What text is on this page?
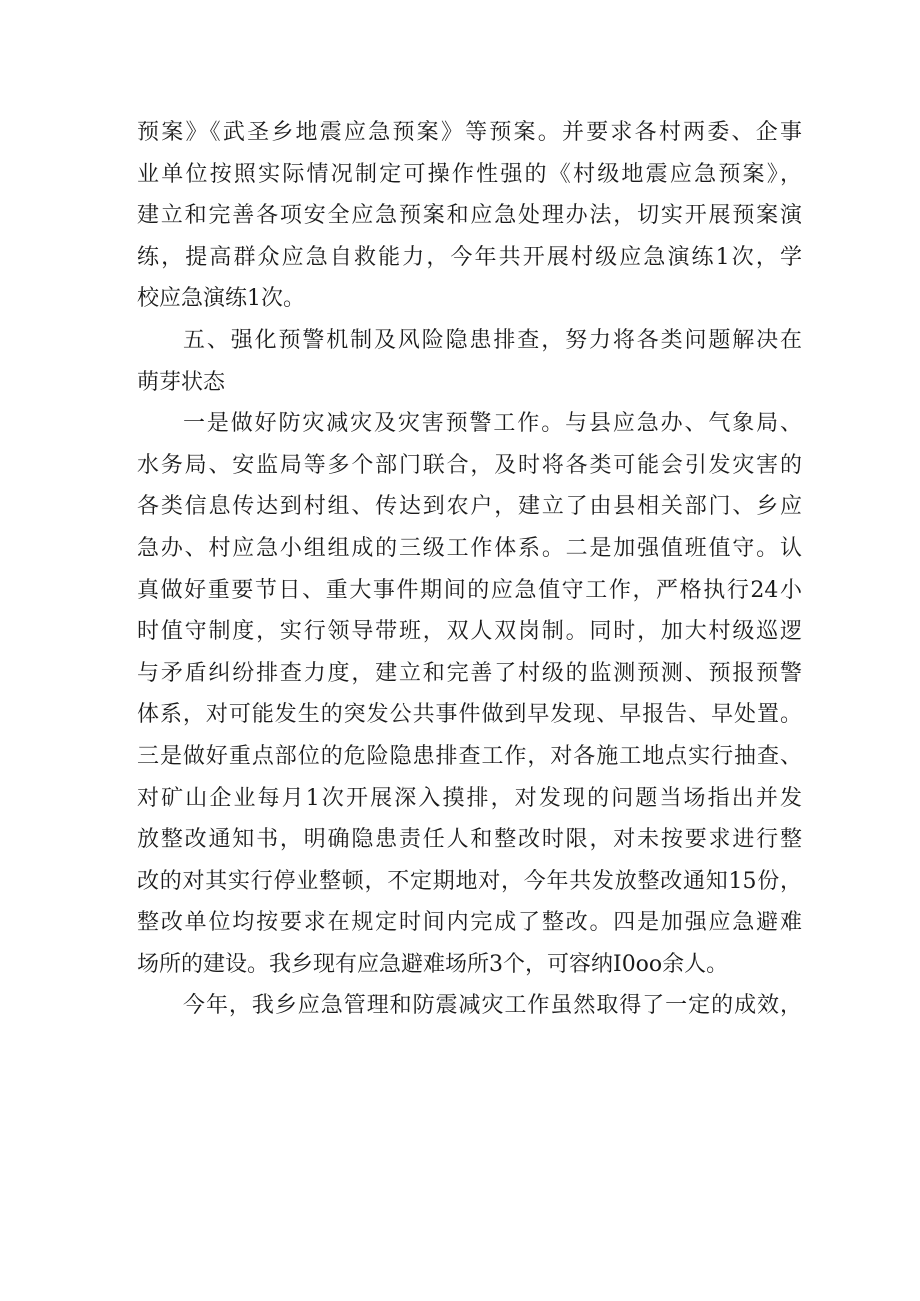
预案》《武圣乡地震应急预案》等预案。并要求各村两委、企事
业单位按照实际情况制定可操作性强的《村级地震应急预案》，
建立和完善各项安全应急预案和应急处理办法，切实开展预案演
练，提高群众应急自救能力，今年共开展村级应急演练1次，学
校应急演练1次。
五、强化预警机制及风险隐患排查，努力将各类问题解决在
萌芽状态
一是做好防灾减灾及灾害预警工作。与县应急办、气象局、
水务局、安监局等多个部门联合，及时将各类可能会引发灾害的
各类信息传达到村组、传达到农户，建立了由县相关部门、乡应
急办、村应急小组组成的三级工作体系。二是加强值班值守。认
真做好重要节日、重大事件期间的应急值守工作，严格执行24小
时值守制度，实行领导带班，双人双岗制。同时，加大村级巡逻
与矛盾纠纷排查力度，建立和完善了村级的监测预测、预报预警
体系，对可能发生的突发公共事件做到早发现、早报告、早处置。
三是做好重点部位的危险隐患排查工作，对各施工地点实行抽查、
对矿山企业每月1次开展深入摸排，对发现的问题当场指出并发
放整改通知书，明确隐患责任人和整改时限，对未按要求进行整
改的对其实行停业整顿，不定期地对，今年共发放整改通知15份，
整改单位均按要求在规定时间内完成了整改。四是加强应急避难
场所的建设。我乡现有应急避难场所3个，可容纳I0oo余人。
今年，我乡应急管理和防震减灾工作虽然取得了一定的成效，
